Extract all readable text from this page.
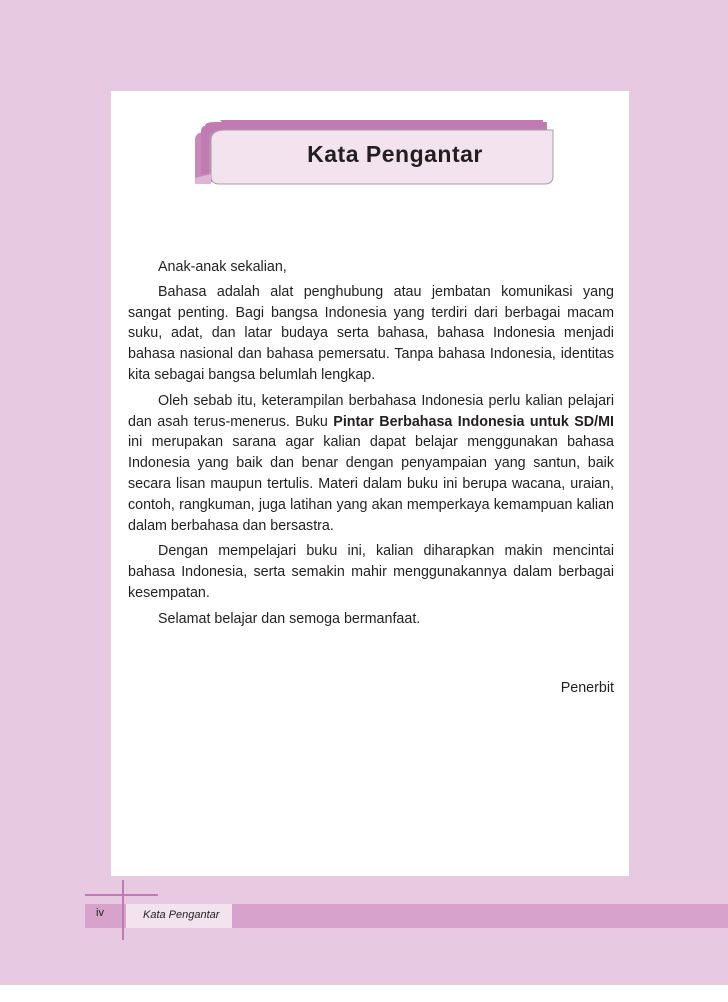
Kata Pengantar

Anak-anak sekalian,

Bahasa adalah alat penghubung atau jembatan komunikasi yang sangat penting. Bagi bangsa Indonesia yang terdiri dari berbagai macam suku, adat, dan latar budaya serta bahasa, bahasa Indonesia menjadi bahasa nasional dan bahasa pemersatu. Tanpa bahasa Indonesia, identitas kita sebagai bangsa belumlah lengkap.

Oleh sebab itu, keterampilan berbahasa Indonesia perlu kalian pelajari dan asah terus-menerus. Buku Pintar Berbahasa Indonesia untuk SD/MI ini merupakan sarana agar kalian dapat belajar menggunakan bahasa Indonesia yang baik dan benar dengan penyampaian yang santun, baik secara lisan maupun tertulis. Materi dalam buku ini berupa wacana, uraian, contoh, rangkuman, juga latihan yang akan memperkaya kemampuan kalian dalam berbahasa dan bersastra.

Dengan mempelajari buku ini, kalian diharapkan makin mencintai bahasa Indonesia, serta semakin mahir menggunakannya dalam berbagai kesempatan.

Selamat belajar dan semoga bermanfaat.

Penerbit
iv	Kata Pengantar
